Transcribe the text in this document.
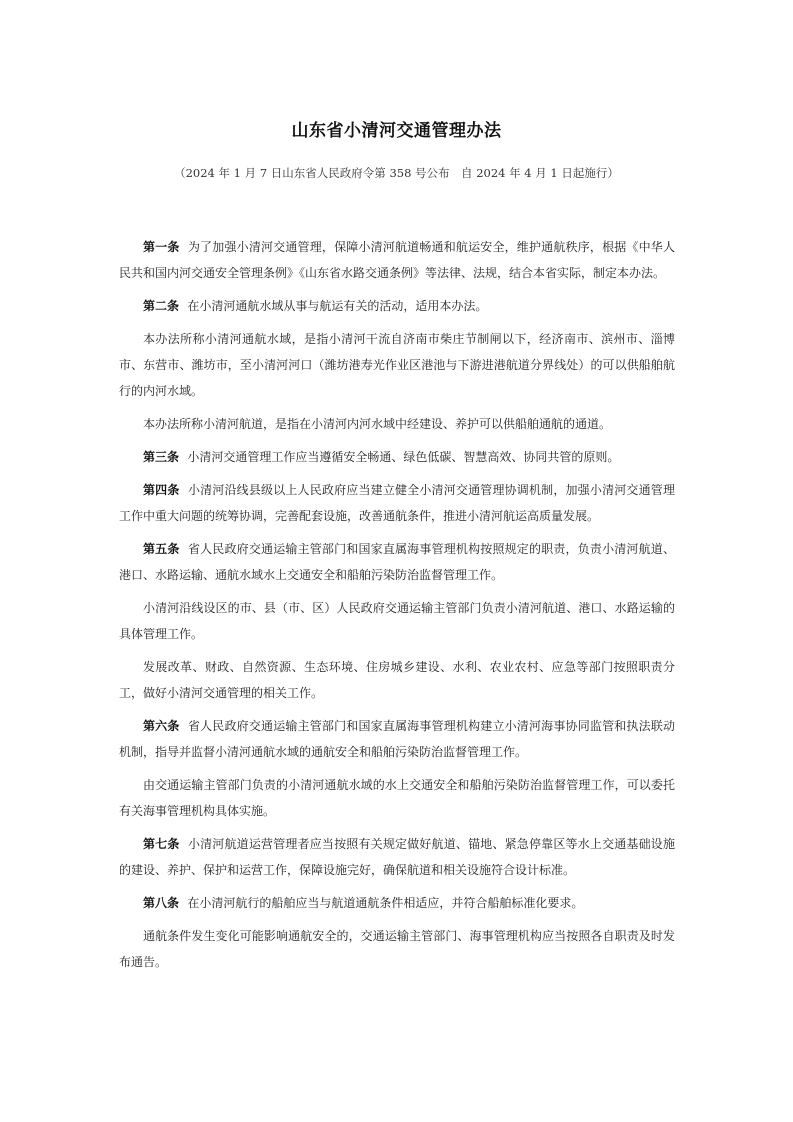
山东省小清河交通管理办法
（2024 年 1 月 7 日山东省人民政府令第 358 号公布　自 2024 年 4 月 1 日起施行）

第一条 为了加强小清河交通管理，保障小清河航道畅通和航运安全，维护通航秩序，根据《中华人民共和国内河交通安全管理条例》《山东省水路交通条例》等法律、法规，结合本省实际，制定本办法。

第二条 在小清河通航水域从事与航运有关的活动，适用本办法。

本办法所称小清河通航水域，是指小清河干流自济南市柴庄节制闸以下，经济南市、滨州市、淄博市、东营市、潍坊市，至小清河河口（潍坊港寿光作业区港池与下游进港航道分界线处）的可以供船舶航行的内河水域。

本办法所称小清河航道，是指在小清河内河水域中经建设、养护可以供船舶通航的通道。

第三条 小清河交通管理工作应当遵循安全畅通、绿色低碳、智慧高效、协同共管的原则。

第四条 小清河沿线县级以上人民政府应当建立健全小清河交通管理协调机制，加强小清河交通管理工作中重大问题的统筹协调，完善配套设施，改善通航条件，推进小清河航运高质量发展。

第五条 省人民政府交通运输主管部门和国家直属海事管理机构按照规定的职责，负责小清河航道、港口、水路运输、通航水域水上交通安全和船舶污染防治监督管理工作。

小清河沿线设区的市、县（市、区）人民政府交通运输主管部门负责小清河航道、港口、水路运输的具体管理工作。

发展改革、财政、自然资源、生态环境、住房城乡建设、水利、农业农村、应急等部门按照职责分工，做好小清河交通管理的相关工作。

第六条 省人民政府交通运输主管部门和国家直属海事管理机构建立小清河海事协同监管和执法联动机制，指导并监督小清河通航水域的通航安全和船舶污染防治监督管理工作。

由交通运输主管部门负责的小清河通航水域的水上交通安全和船舶污染防治监督管理工作，可以委托有关海事管理机构具体实施。

第七条 小清河航道运营管理者应当按照有关规定做好航道、锚地、紧急停靠区等水上交通基础设施的建设、养护、保护和运营工作，保障设施完好，确保航道和相关设施符合设计标准。

第八条 在小清河航行的船舶应当与航道通航条件相适应，并符合船舶标准化要求。

通航条件发生变化可能影响通航安全的，交通运输主管部门、海事管理机构应当按照各自职责及时发布通告。
